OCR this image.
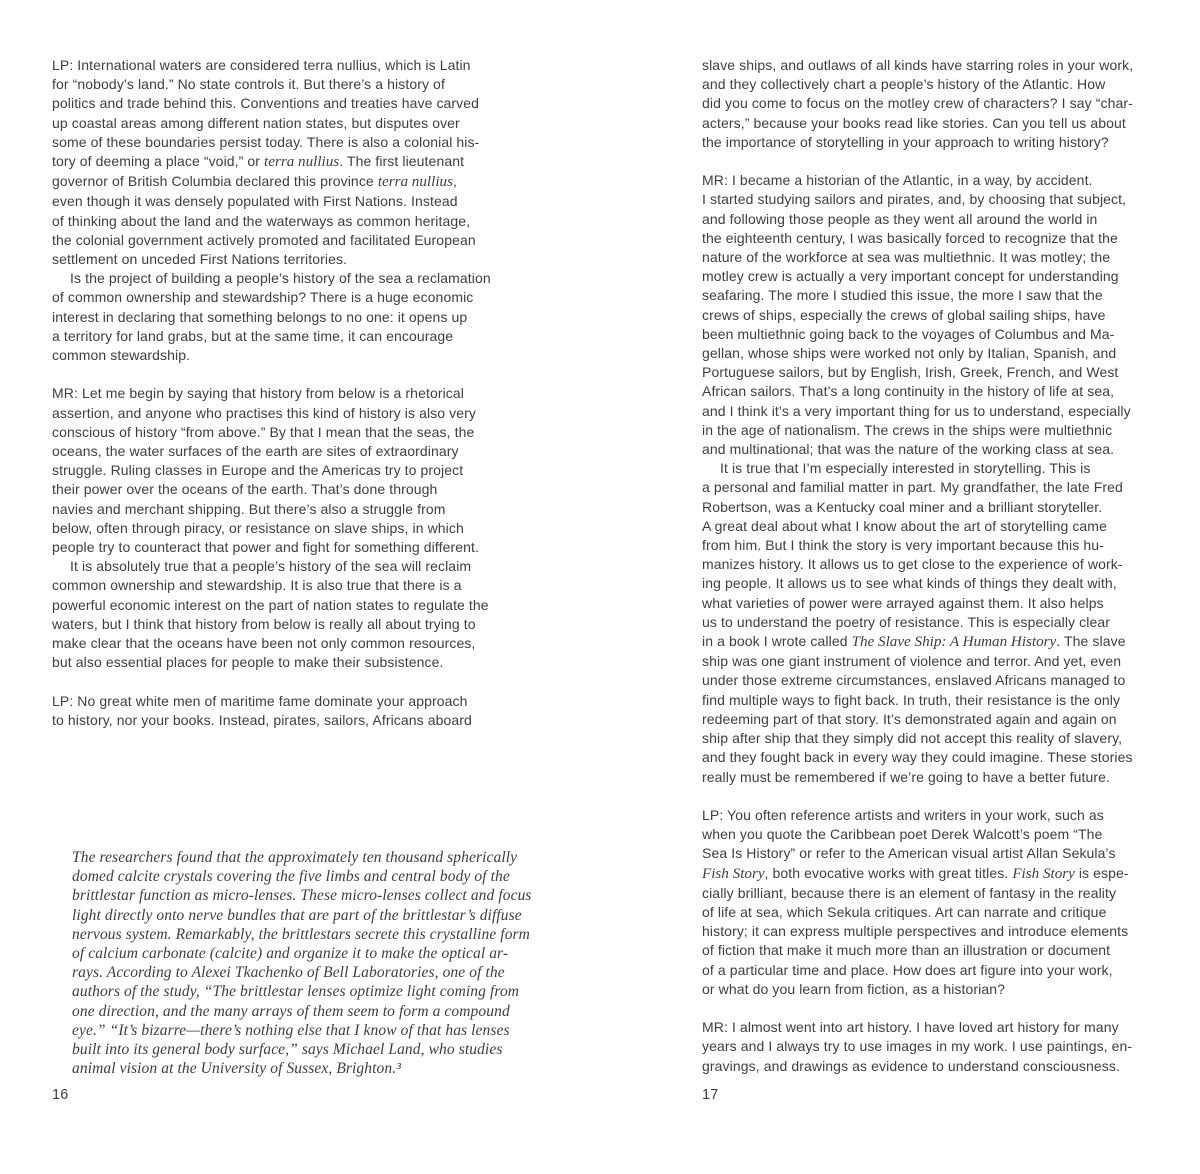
LP: International waters are considered terra nullius, which is Latin
for “nobody’s land.” No state controls it. But there’s a history of
politics and trade behind this. Conventions and treaties have carved
up coastal areas among different nation states, but disputes over
some of these boundaries persist today. There is also a colonial his-
tory of deeming a place “void,” or terra nullius. The first lieutenant
governor of British Columbia declared this province terra nullius,
even though it was densely populated with First Nations. Instead
of thinking about the land and the waterways as common heritage,
the colonial government actively promoted and facilitated European
settlement on unceded First Nations territories.

Is the project of building a people’s history of the sea a reclamation
of common ownership and stewardship? There is a huge economic
interest in declaring that something belongs to no one: it opens up
a territory for land grabs, but at the same time, it can encourage
common stewardship.

MR: Let me begin by saying that history from below is a rhetorical
assertion, and anyone who practises this kind of history is also very
conscious of history “from above.” By that I mean that the seas, the
oceans, the water surfaces of the earth are sites of extraordinary
struggle. Ruling classes in Europe and the Americas try to project
their power over the oceans of the earth. That’s done through
navies and merchant shipping. But there’s also a struggle from
below, often through piracy, or resistance on slave ships, in which
people try to counteract that power and fight for something different.

It is absolutely true that a people’s history of the sea will reclaim
common ownership and stewardship. It is also true that there is a
powerful economic interest on the part of nation states to regulate the
waters, but I think that history from below is really all about trying to
make clear that the oceans have been not only common resources,
but also essential places for people to make their subsistence.

LP: No great white men of maritime fame dominate your approach
to history, nor your books. Instead, pirates, sailors, Africans aboard

The researchers found that the approximately ten thousand spherically
domed calcite crystals covering the five limbs and central body of the
brittlestar function as micro-lenses. These micro-lenses collect and focus
light directly onto nerve bundles that are part of the brittlestar’s diffuse
nervous system. Remarkably, the brittlestars secrete this crystalline form
of calcium carbonate (calcite) and organize it to make the optical ar-
rays. According to Alexei Tkachenko of Bell Laboratories, one of the
authors of the study, “The brittlestar lenses optimize light coming from
one direction, and the many arrays of them seem to form a compound
eye.” “It’s bizarre—there’s nothing else that I know of that has lenses
built into its general body surface,” says Michael Land, who studies
animal vision at the University of Sussex, Brighton.³

16

slave ships, and outlaws of all kinds have starring roles in your work,
and they collectively chart a people’s history of the Atlantic. How
did you come to focus on the motley crew of characters? I say “char-
acters,” because your books read like stories. Can you tell us about
the importance of storytelling in your approach to writing history?

MR: I became a historian of the Atlantic, in a way, by accident.
I started studying sailors and pirates, and, by choosing that subject,
and following those people as they went all around the world in
the eighteenth century, I was basically forced to recognize that the
nature of the workforce at sea was multiethnic. It was motley; the
motley crew is actually a very important concept for understanding
seafaring. The more I studied this issue, the more I saw that the
crews of ships, especially the crews of global sailing ships, have
been multiethnic going back to the voyages of Columbus and Ma-
gellan, whose ships were worked not only by Italian, Spanish, and
Portuguese sailors, but by English, Irish, Greek, French, and West
African sailors. That’s a long continuity in the history of life at sea,
and I think it’s a very important thing for us to understand, especially
in the age of nationalism. The crews in the ships were multiethnic
and multinational; that was the nature of the working class at sea.

It is true that I’m especially interested in storytelling. This is
a personal and familial matter in part. My grandfather, the late Fred
Robertson, was a Kentucky coal miner and a brilliant storyteller.
A great deal about what I know about the art of storytelling came
from him. But I think the story is very important because this hu-
manizes history. It allows us to get close to the experience of work-
ing people. It allows us to see what kinds of things they dealt with,
what varieties of power were arrayed against them. It also helps
us to understand the poetry of resistance. This is especially clear
in a book I wrote called The Slave Ship: A Human History. The slave
ship was one giant instrument of violence and terror. And yet, even
under those extreme circumstances, enslaved Africans managed to
find multiple ways to fight back. In truth, their resistance is the only
redeeming part of that story. It’s demonstrated again and again on
ship after ship that they simply did not accept this reality of slavery,
and they fought back in every way they could imagine. These stories
really must be remembered if we’re going to have a better future.

LP: You often reference artists and writers in your work, such as
when you quote the Caribbean poet Derek Walcott’s poem “The
Sea Is History” or refer to the American visual artist Allan Sekula’s
Fish Story, both evocative works with great titles. Fish Story is espe-
cially brilliant, because there is an element of fantasy in the reality
of life at sea, which Sekula critiques. Art can narrate and critique
history; it can express multiple perspectives and introduce elements
of fiction that make it much more than an illustration or document
of a particular time and place. How does art figure into your work,
or what do you learn from fiction, as a historian?

MR: I almost went into art history. I have loved art history for many
years and I always try to use images in my work. I use paintings, en-
gravings, and drawings as evidence to understand consciousness.

17
